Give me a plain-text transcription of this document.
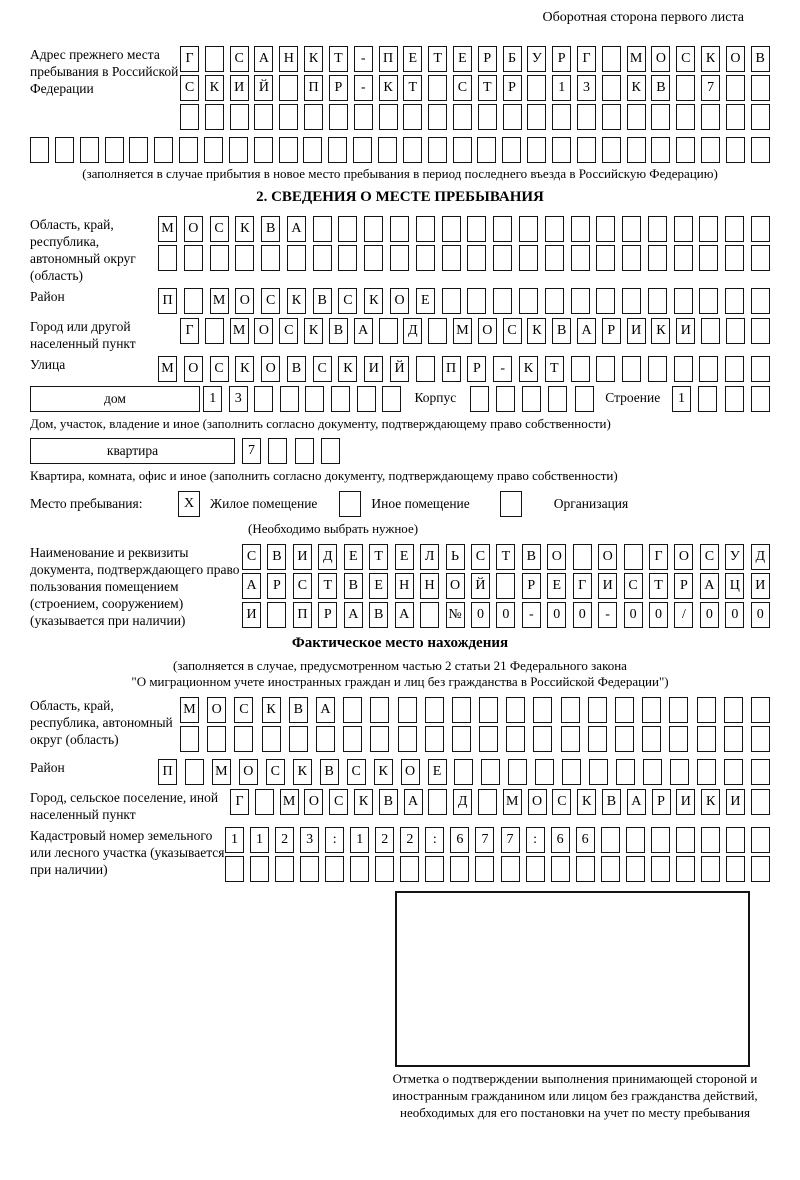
Оборотная сторона первого листа
Адрес прежнего места пребывания в Российской Федерации
Г	С	А	Н	К	Т	-	П	Е	Т	Е	Р	Б	У	Р	Г	М О	С	К	О	В
С	К	И	Й	П	Р	-	К	Т	С	Т	Р	1	3	К	В	7
(заполняется в случае прибытия в новое место пребывания в период последнего въезда в Российскую Федерацию)
2. СВЕДЕНИЯ О МЕСТЕ ПРЕБЫВАНИЯ
Область, край, республика, автономный округ (область)
М	О	С	К	В	А
Район	П	М	О	С	К	В	С	К	О	Е
Город или другой населенный пункт
Г	М О	С	К	В	А	Д	М О	С	К	В	А	Р	И	К	И
Улица	М	О	С	К	О	В	С	К	И	Й	П	Р	-	К	Т
дом	1	3	Корпус	Строение	1
Дом, участок, владение и иное (заполнить согласно документу, подтверждающему право собственности)
квартира	7
Квартира, комната, офис и иное (заполнить согласно документу, подтверждающему право собственности)
Место пребывания:	X	Жилое помещение	Иное помещение	Организация
(Необходимо выбрать нужное)
Наименование и реквизиты документа, подтверждающего право пользования помещением (строением, сооружением) (указывается при наличии)
С	В	И	Д	Е	Т	Е	Л	Ь	С	Т	В	О	О	Г	О	С	У	Д
А	Р	С	Т	В	Е	Н	Н	О	Й	Р	Е	Г	И	С	Т	Р	А	Ц	И
И	П	Р	А	В	А	№	0	0	-	0	0	-	0	0	/	0	0	0
Фактическое место нахождения
(заполняется в случае, предусмотренном частью 2 статьи 21 Федерального закона
"О миграционном учете иностранных граждан и лиц без гражданства в Российской Федерации")
Область, край, республика, автономный округ (область)
М	О	С	К	В	А
Район	П	М	О	С	К	В	С	К	О	Е
Город, сельское поселение, иной населенный пункт
Г	М О	С	К	В	А	Д	М О	С	К	В	А	Р	И	К	И
Кадастровый номер земельного или лесного участка (указывается при наличии)
1	1	2	3	:	1	2	2	:	6	7	7	:	6	6
Отметка о подтверждении выполнения принимающей стороной и иностранным гражданином или лицом без гражданства действий, необходимых для его постановки на учет по месту пребывания
